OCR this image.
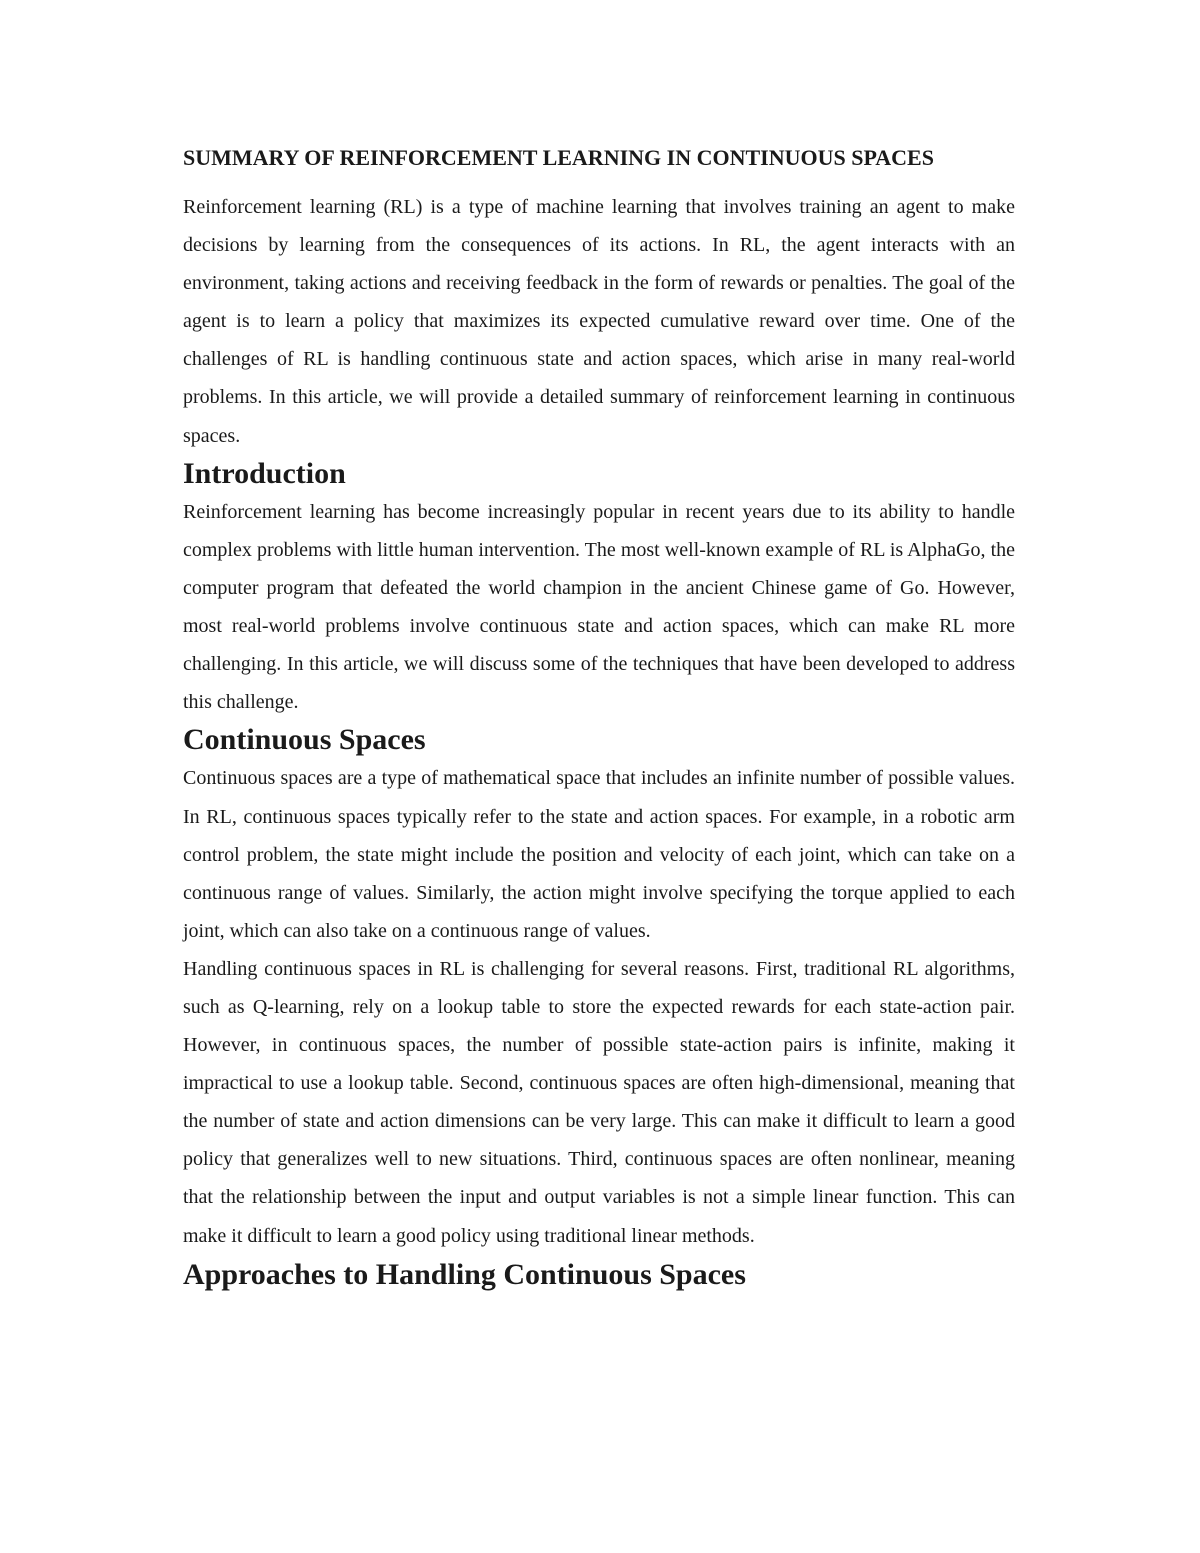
SUMMARY OF REINFORCEMENT LEARNING IN CONTINUOUS SPACES

Reinforcement learning (RL) is a type of machine learning that involves training an agent to make decisions by learning from the consequences of its actions. In RL, the agent interacts with an environment, taking actions and receiving feedback in the form of rewards or penalties. The goal of the agent is to learn a policy that maximizes its expected cumulative reward over time. One of the challenges of RL is handling continuous state and action spaces, which arise in many real-world problems. In this article, we will provide a detailed summary of reinforcement learning in continuous spaces.

Introduction

Reinforcement learning has become increasingly popular in recent years due to its ability to handle complex problems with little human intervention. The most well-known example of RL is AlphaGo, the computer program that defeated the world champion in the ancient Chinese game of Go. However, most real-world problems involve continuous state and action spaces, which can make RL more challenging. In this article, we will discuss some of the techniques that have been developed to address this challenge.

Continuous Spaces

Continuous spaces are a type of mathematical space that includes an infinite number of possible values. In RL, continuous spaces typically refer to the state and action spaces. For example, in a robotic arm control problem, the state might include the position and velocity of each joint, which can take on a continuous range of values. Similarly, the action might involve specifying the torque applied to each joint, which can also take on a continuous range of values.

Handling continuous spaces in RL is challenging for several reasons. First, traditional RL algorithms, such as Q-learning, rely on a lookup table to store the expected rewards for each state-action pair. However, in continuous spaces, the number of possible state-action pairs is infinite, making it impractical to use a lookup table. Second, continuous spaces are often high-dimensional, meaning that the number of state and action dimensions can be very large. This can make it difficult to learn a good policy that generalizes well to new situations. Third, continuous spaces are often nonlinear, meaning that the relationship between the input and output variables is not a simple linear function. This can make it difficult to learn a good policy using traditional linear methods.

Approaches to Handling Continuous Spaces
